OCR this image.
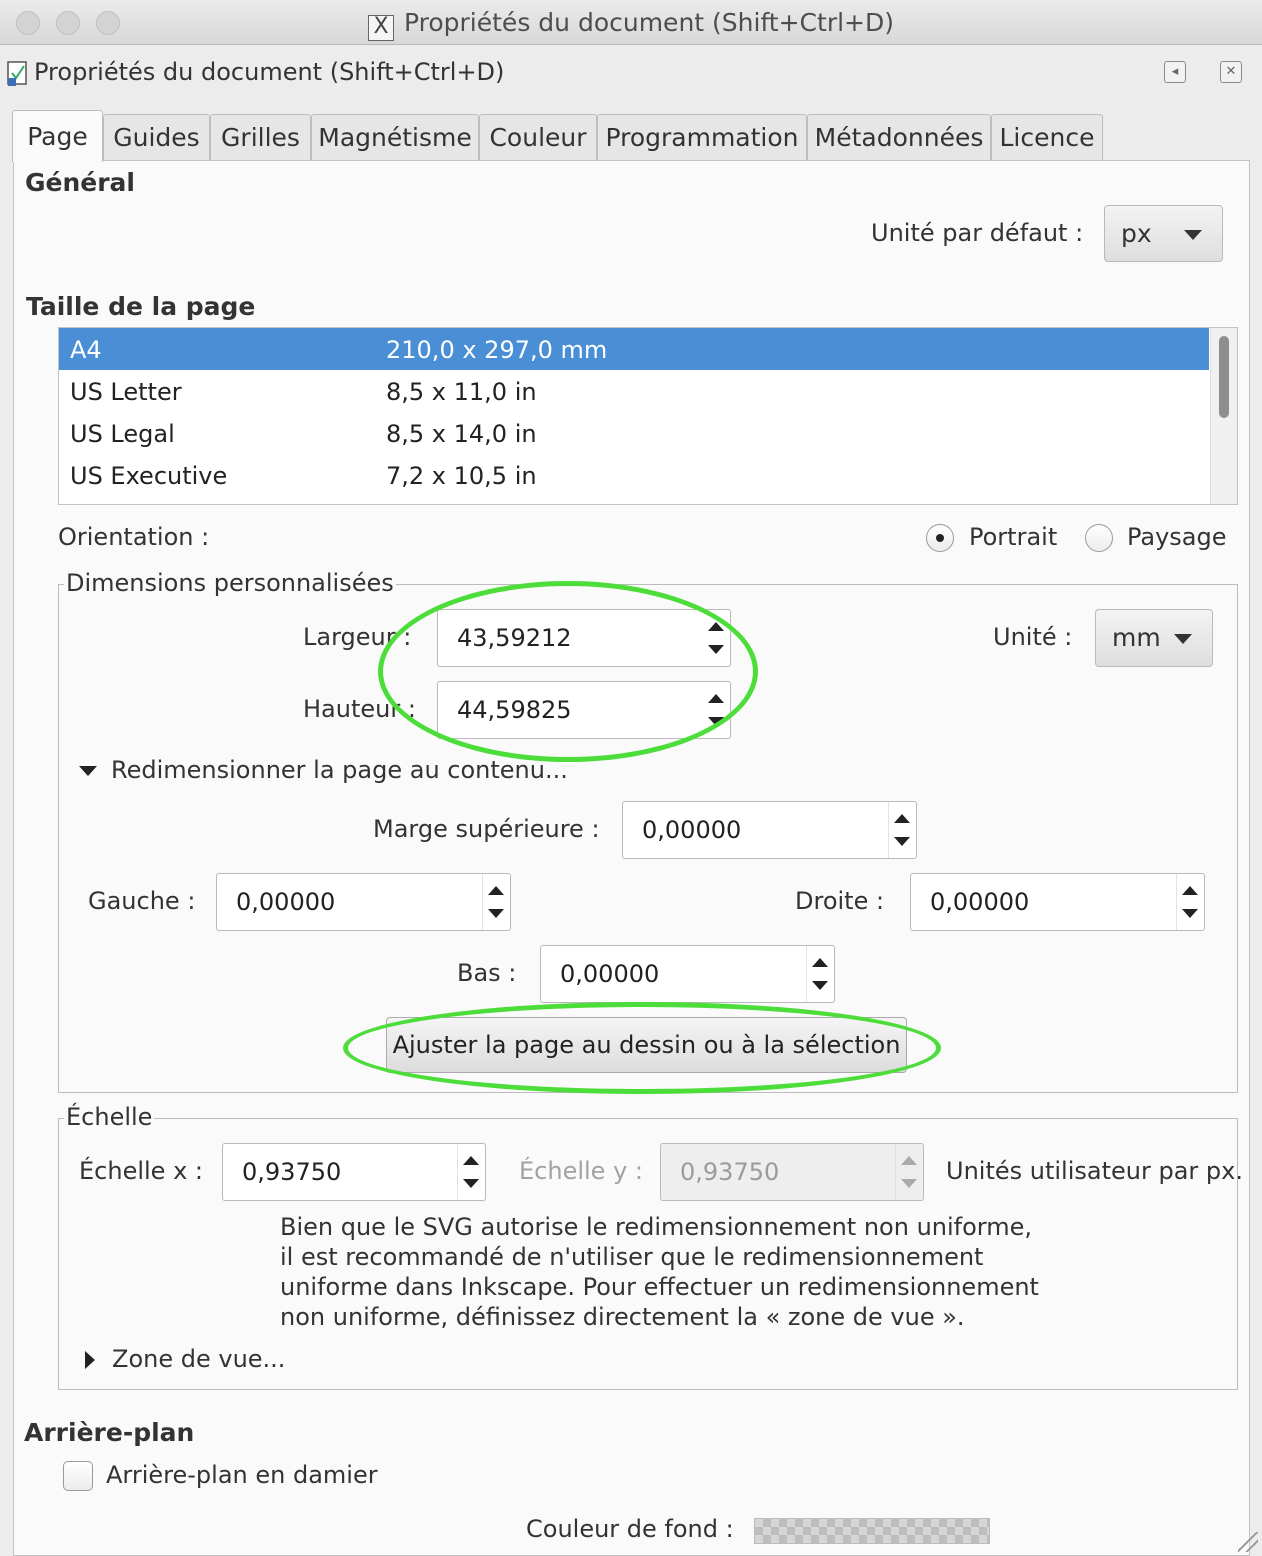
X Propriétés du document (Shift+Ctrl+D)
Propriétés du document (Shift+Ctrl+D)	◂	✕
Page	Guides Grilles Magnétisme Couleur Programmation Métadonnées Licence
Général
Unité par défaut : px
Taille de la page
A4	210,0 x 297,0 mm
US Letter	8,5 x 11,0 in
US Legal	8,5 x 14,0 in
US Executive	7,2 x 10,5 in
Orientation :	Portrait	Paysage
Dimensions personnalisées
Largeur : 43,59212
Hauteur : 44,59825
Unité : mm
Redimensionner la page au contenu...
Marge supérieure : 0,00000
Gauche : 0,00000	Droite : 0,00000
Bas : 0,00000
Ajuster la page au dessin ou à la sélection
Échelle
Échelle x : 0,93750	Échelle y : 0,93750	Unités utilisateur par px.
Bien que le SVG autorise le redimensionnement non uniforme,
il est recommandé de n'utiliser que le redimensionnement
uniforme dans Inkscape. Pour effectuer un redimensionnement
non uniforme, définissez directement la « zone de vue ».
Zone de vue...
Arrière-plan
Arrière-plan en damier
Couleur de fond :
